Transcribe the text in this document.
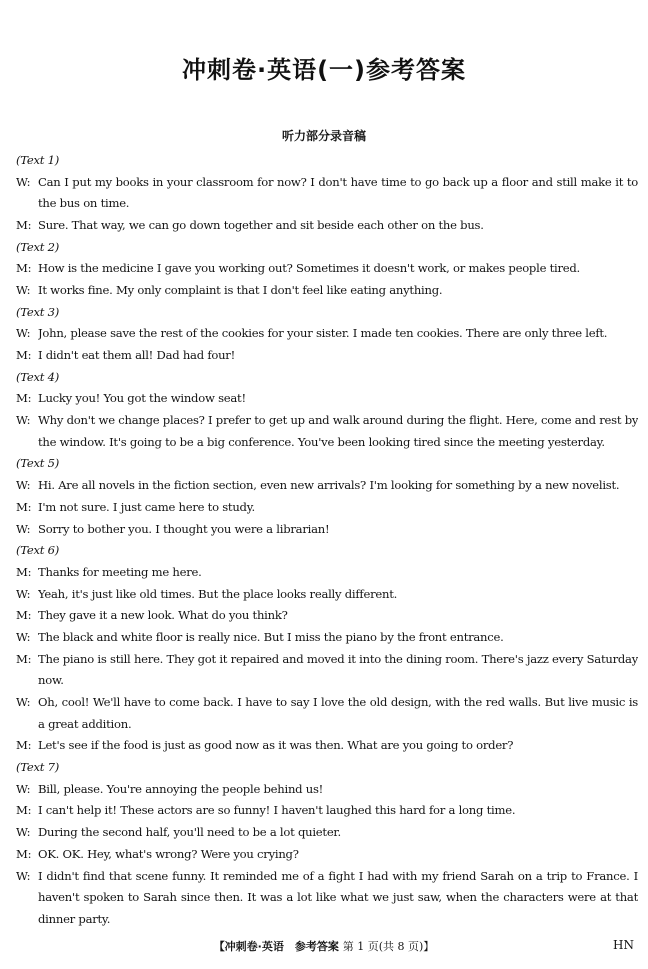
冲刺卷·英语(一)参考答案
听力部分录音稿
(Text 1)
W: Can I put my books in your classroom for now? I don't have time to go back up a floor and still make it to
the bus on time.
M: Sure. That way, we can go down together and sit beside each other on the bus.
(Text 2)
M: How is the medicine I gave you working out? Sometimes it doesn't work, or makes people tired.
W: It works fine. My only complaint is that I don't feel like eating anything.
(Text 3)
W: John, please save the rest of the cookies for your sister. I made ten cookies. There are only three left.
M: I didn't eat them all! Dad had four!
(Text 4)
M: Lucky you! You got the window seat!
W: Why don't we change places? I prefer to get up and walk around during the flight. Here, come and rest by
the window. It's going to be a big conference. You've been looking tired since the meeting yesterday.
(Text 5)
W: Hi. Are all novels in the fiction section, even new arrivals? I'm looking for something by a new novelist.
M: I'm not sure. I just came here to study.
W: Sorry to bother you. I thought you were a librarian!
(Text 6)
M: Thanks for meeting me here.
W: Yeah, it's just like old times. But the place looks really different.
M: They gave it a new look. What do you think?
W: The black and white floor is really nice. But I miss the piano by the front entrance.
M: The piano is still here. They got it repaired and moved it into the dining room. There's jazz every Saturday
now.
W: Oh, cool! We'll have to come back. I have to say I love the old design, with the red walls. But live music is
a great addition.
M: Let's see if the food is just as good now as it was then. What are you going to order?
(Text 7)
W: Bill, please. You're annoying the people behind us!
M: I can't help it! These actors are so funny! I haven't laughed this hard for a long time.
W: During the second half, you'll need to be a lot quieter.
M: OK. OK. Hey, what's wrong? Were you crying?
W: I didn't find that scene funny. It reminded me of a fight I had with my friend Sarah on a trip to France. I
haven't spoken to Sarah since then. It was a lot like what we just saw, when the characters were at that
dinner party.
【冲刺卷·英语　参考答案 第 1 页(共 8 页)】	HN
